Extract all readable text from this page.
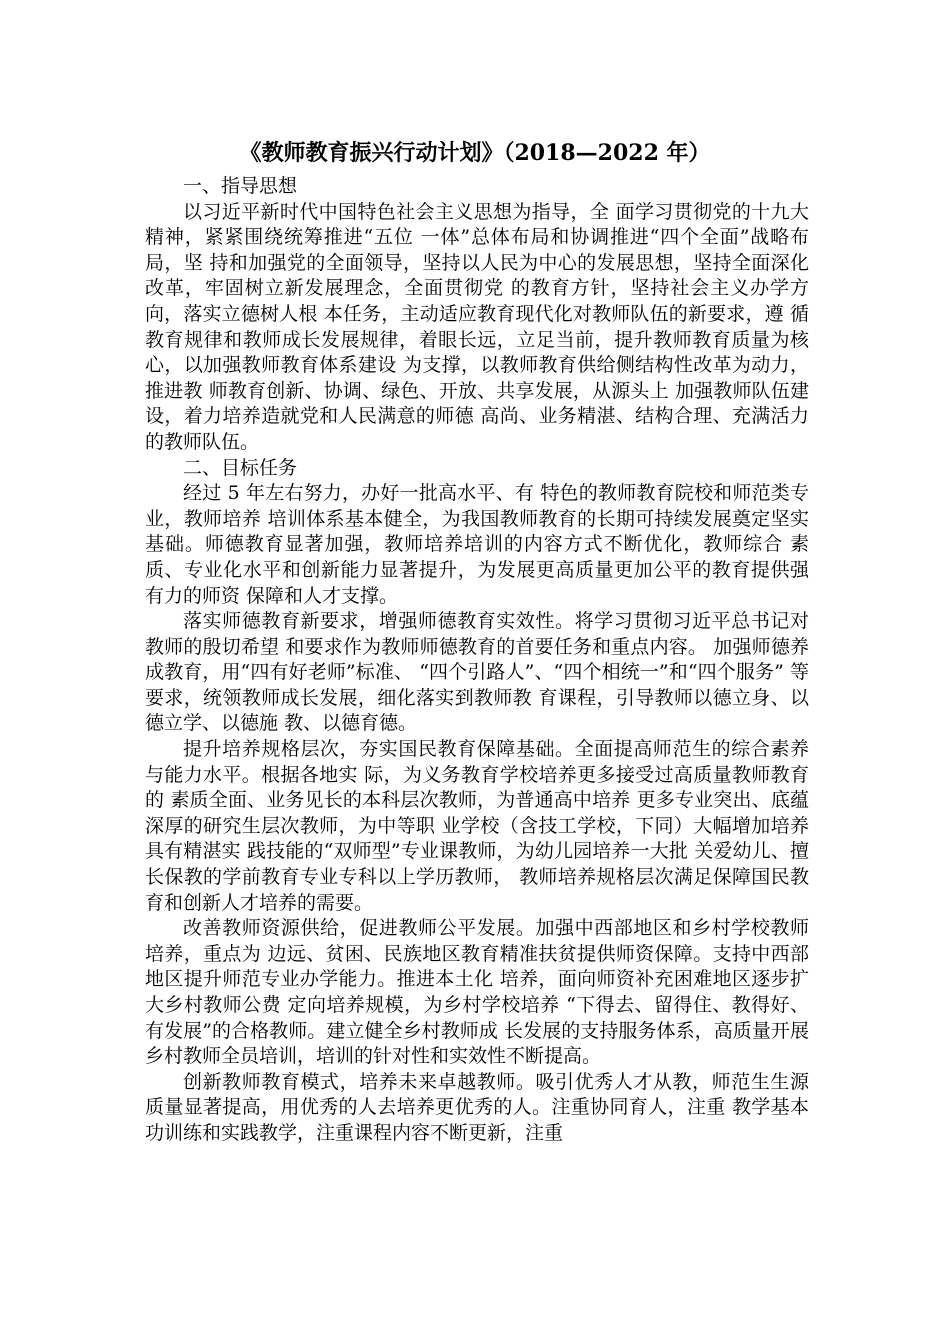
《教师教育振兴行动计划》（2018—2022 年）

一、指导思想

以习近平新时代中国特色社会主义思想为指导，全 面学习贯彻党的十九大精神，紧紧围绕统筹推进“五位 一体”总体布局和协调推进“四个全面”战略布局，坚 持和加强党的全面领导，坚持以人民为中心的发展思想，坚持全面深化改革，牢固树立新发展理念，全面贯彻党 的教育方针，坚持社会主义办学方向，落实立德树人根 本任务，主动适应教育现代化对教师队伍的新要求，遵 循教育规律和教师成长发展规律，着眼长远，立足当前，提升教师教育质量为核心，以加强教师教育体系建设 为支撑，以教师教育供给侧结构性改革为动力，推进教 师教育创新、协调、绿色、开放、共享发展，从源头上 加强教师队伍建设，着力培养造就党和人民满意的师德 高尚、业务精湛、结构合理、充满活力的教师队伍。

二、目标任务

经过 5 年左右努力，办好一批高水平、有 特色的教师教育院校和师范类专业，教师培养 培训体系基本健全，为我国教师教育的长期可持续发展奠定坚实基础。师德教育显著加强，教师培养培训的内容方式不断优化，教师综合 素质、专业化水平和创新能力显著提升，为发展更高质量更加公平的教育提供强有力的师资 保障和人才支撑。

落实师德教育新要求，增强师德教育实效性。将学习贯彻习近平总书记对教师的殷切希望 和要求作为教师师德教育的首要任务和重点内容。 加强师德养成教育，用“四有好老师”标准、 “四个引路人”、“四个相统一”和“四个服务” 等要求，统领教师成长发展，细化落实到教师教 育课程，引导教师以德立身、以德立学、以德施 教、以德育德。

提升培养规格层次，夯实国民教育保障基础。全面提高师范生的综合素养与能力水平。根据各地实 际，为义务教育学校培养更多接受过高质量教师教育的 素质全面、业务见长的本科层次教师，为普通高中培养 更多专业突出、底蕴深厚的研究生层次教师，为中等职 业学校（含技工学校，下同）大幅增加培养具有精湛实 践技能的“双师型”专业课教师，为幼儿园培养一大批 关爱幼儿、擅长保教的学前教育专业专科以上学历教师， 教师培养规格层次满足保障国民教育和创新人才培养的需要。

改善教师资源供给，促进教师公平发展。加强中西部地区和乡村学校教师培养，重点为 边远、贫困、民族地区教育精准扶贫提供师资保障。支持中西部地区提升师范专业办学能力。推进本土化 培养，面向师资补充困难地区逐步扩大乡村教师公费 定向培养规模，为乡村学校培养 “下得去、留得住、教得好、有发展”的合格教师。建立健全乡村教师成 长发展的支持服务体系，高质量开展乡村教师全员培训，培训的针对性和实效性不断提高。

创新教师教育模式，培养未来卓越教师。吸引优秀人才从教，师范生生源质量显著提高，用优秀的人去培养更优秀的人。注重协同育人，注重 教学基本功训练和实践教学，注重课程内容不断更新，注重
